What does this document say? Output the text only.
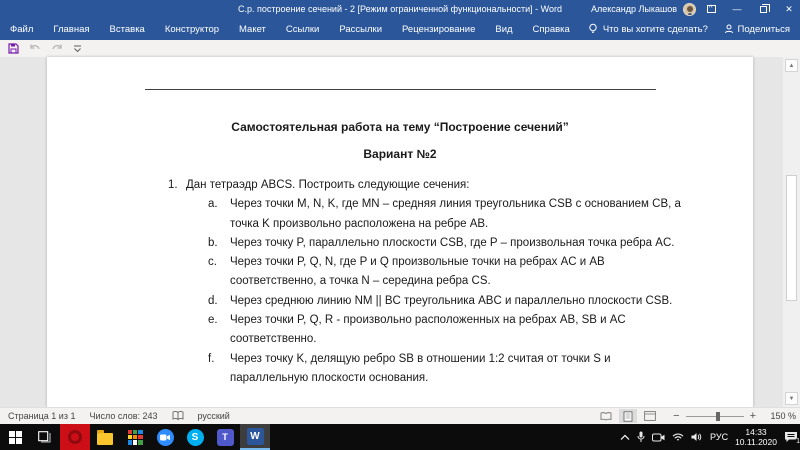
С.р. построение сечений - 2 [Режим ограниченной функциональности] - Word	Александр Лыкашов ^	—	✕
Файл	Главная	Вставка	Конструктор	Макет	Ссылки	Рассылки	Рецензирование	Вид	Справка	Что вы хотите сделать?	Поделиться
Самостоятельная работа на тему “Построение сечений”
Вариант №2
1. Дан тетраэдр ABCS. Построить следующие сечения:
a.	Через точки M, N, K, где MN – средняя линия треугольника CSB с основанием CB, а точка K произвольно расположена на ребре AB.
b.	Через точку P, параллельно плоскости CSB, где P – произвольная точка ребра AC.
c.	Через точки P, Q, N, где P и Q произвольные точки на ребрах AC и AB соответственно, а точка N – середина ребра CS.
d.	Через среднюю линию NM || BC треугольника ABC и параллельно плоскости CSB.
e.	Через точки P, Q, R - произвольно расположенных на ребрах AB, SB и AC соответственно.
f.	Через точку K, делящую ребро SB в отношении 1:2 считая от точки S и параллельную плоскости основания.
▲
▼
Страница 1 из 1 Число слов: 243	русский	−	+	150 %
S	T W	РУС	14:33
10.11.2020	1
